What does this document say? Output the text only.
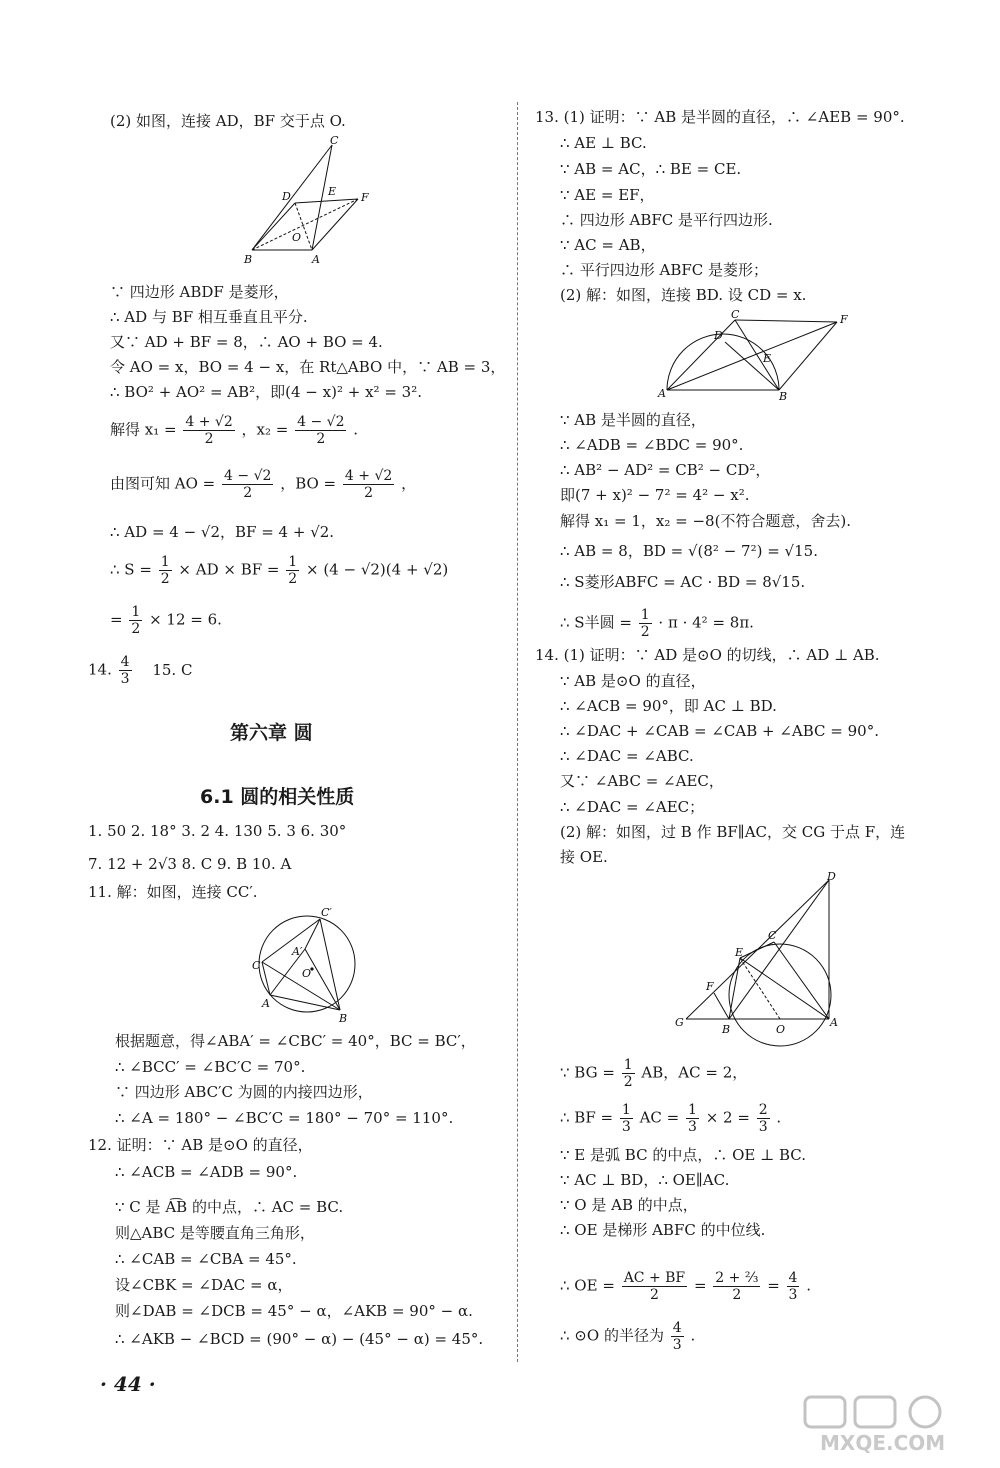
(2) 如图，连接 AD，BF 交于点 O.
C
D	E F
O
B	A
∵ 四边形 ABDF 是菱形，
∴ AD 与 BF 相互垂直且平分.
又∵ AD + BF = 8，∴ AO + BO = 4.
令 AO = x，BO = 4 − x，在 Rt△ABO 中，∵ AB = 3，
∴ BO² + AO² = AB²，即(4 − x)² + x² = 3².
解得 $x_1 = \frac{4 + √2}{2}$ ，$x_2 = \frac{4 - √2}{2}$ .
由图可知 AO = $\frac{4 - √2}{2}$ ，BO = $\frac{4 + √2}{2}$ ，
∴ AD = 4 − √2，BF = 4 + √2.
∴ $S = \frac{1}{2}$ × AD × BF = $\frac{1}{2} \times (4 - √2)(4 + √2)$
= $\frac{1}{2} \times 12 = 6$.
14. $\frac{4}{3} 15$. C
第六章 圆
6.1 圆的相关性质
1. 50 2. 18° 3. 2 4. 130 5. 3 6. 30°
7. 12 + 2√3 8. C 9. B 10. A
11. 解：如图，连接 CC′.
C′
A′
C
O
A
B
根据题意，得∠ABA′ = ∠CBC′ = 40°，BC = BC′，
∴ ∠BCC′ = ∠BC′C = 70°.
∵ 四边形 ABC′C 为圆的内接四边形，
∴ ∠A = 180° − ∠BC′C = 180° − 70° = 110°.
12. 证明：∵ AB 是⊙O 的直径，
∴ ∠ACB = ∠ADB = 90°.
∵ C 是 A͡B 的中点，∴ AC = BC.
则△ABC 是等腰直角三角形，
∴ ∠CAB = ∠CBA = 45°.
设∠CBK = ∠DAC = α，
则∠DAB = ∠DCB = 45° − α，∠AKB = 90° − α.
∴ ∠AKB − ∠BCD = (90° − α) − (45° − α) = 45°.
· 44 ·
13. (1) 证明：∵ AB 是半圆的直径，∴ ∠AEB = 90°.
∴ AE ⊥ BC.
∵ AB = AC，∴ BE = CE.
∵ AE = EF，
∴ 四边形 ABFC 是平行四边形.
∵ AC = AB，
∴ 平行四边形 ABFC 是菱形；
(2) 解：如图，连接 BD. 设 CD = x.
C	F
D
E
A	B
∵ AB 是半圆的直径，
∴ ∠ADB = ∠BDC = 90°.
∴ AB² − AD² = CB² − CD²，
即(7 + x)² − 7² = 4² − x².
解得 x₁ = 1，x₂ = −8(不符合题意，舍去).
∴ AB = 8，BD = √(8² − 7²) = √15.
∴ S菱形ABFC = AC · BD = 8√15.
∴ S半圆 = $\frac{1}{2} \cdot \pi \cdot 4^2 = 8\pi$.
14. (1) 证明：∵ AD 是⊙O 的切线，∴ AD ⊥ AB.
∵ AB 是⊙O 的直径，
∴ ∠ACB = 90°，即 AC ⊥ BD.
∴ ∠DAC + ∠CAB = ∠CAB + ∠ABC = 90°.
∴ ∠DAC = ∠ABC.
又∵ ∠ABC = ∠AEC，
∴ ∠DAC = ∠AEC；
(2) 解：如图，过 B 作 BF∥AC，交 CG 于点 F，连
接 OE.
D
C
E
F
G
B	O
A
∵ BG = $\frac{1}{2}$ AB，AC = 2，
∴ BF = $\frac{1}{3}$ AC = $\frac{1}{3} \times 2 = \frac{2}{3}$ .
∵ E 是弧 BC 的中点，∴ OE ⊥ BC.
∵ AC ⊥ BD，∴ OE∥AC.
∵ O 是 AB 的中点，
∴ OE 是梯形 ABFC 的中位线.
∴ OE = $\frac{AC + BF}{2} = \frac{\text{2 + ⅔}}{2} = \frac{4}{3}$ .
∴ ⊙O 的半径为 $\frac{4}{3}$ .
MXQE.COM
